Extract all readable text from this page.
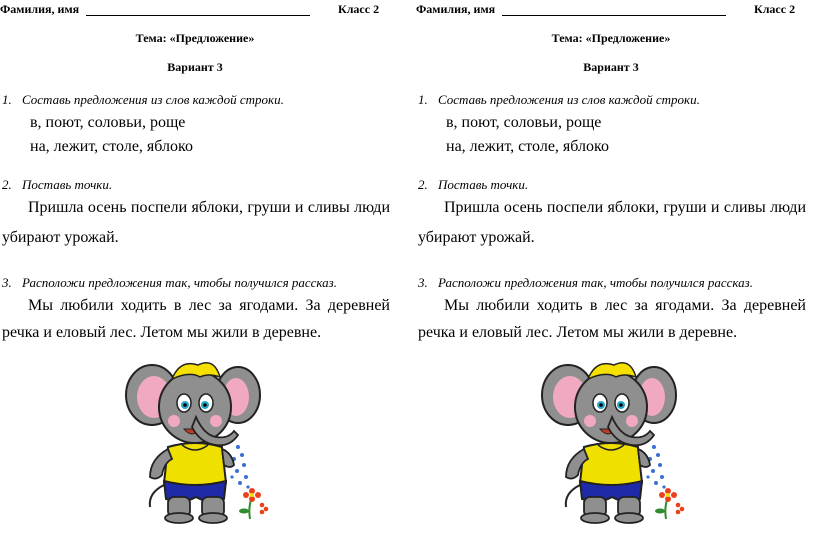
Фамилия, имя	Класс 2
Тема: «Предложение»
Вариант 3
1. Составь предложения из слов каждой строки.
в, поют, соловьи, роще
на, лежит, столе, яблоко
2. Поставь точки.
Пришла осень поспели яблоки, груши и сливы люди
убирают урожай.
3. Расположи предложения так, чтобы получился рассказ.
Мы любили ходить в лес за ягодами. За деревней
речка и еловый лес. Летом мы жили в деревне.
Фамилия, имя	Класс 2
Тема: «Предложение»
Вариант 3
1. Составь предложения из слов каждой строки.
в, поют, соловьи, роще
на, лежит, столе, яблоко
2. Поставь точки.
Пришла осень поспели яблоки, груши и сливы люди
убирают урожай.
3. Расположи предложения так, чтобы получился рассказ.
Мы любили ходить в лес за ягодами. За деревней
речка и еловый лес. Летом мы жили в деревне.
